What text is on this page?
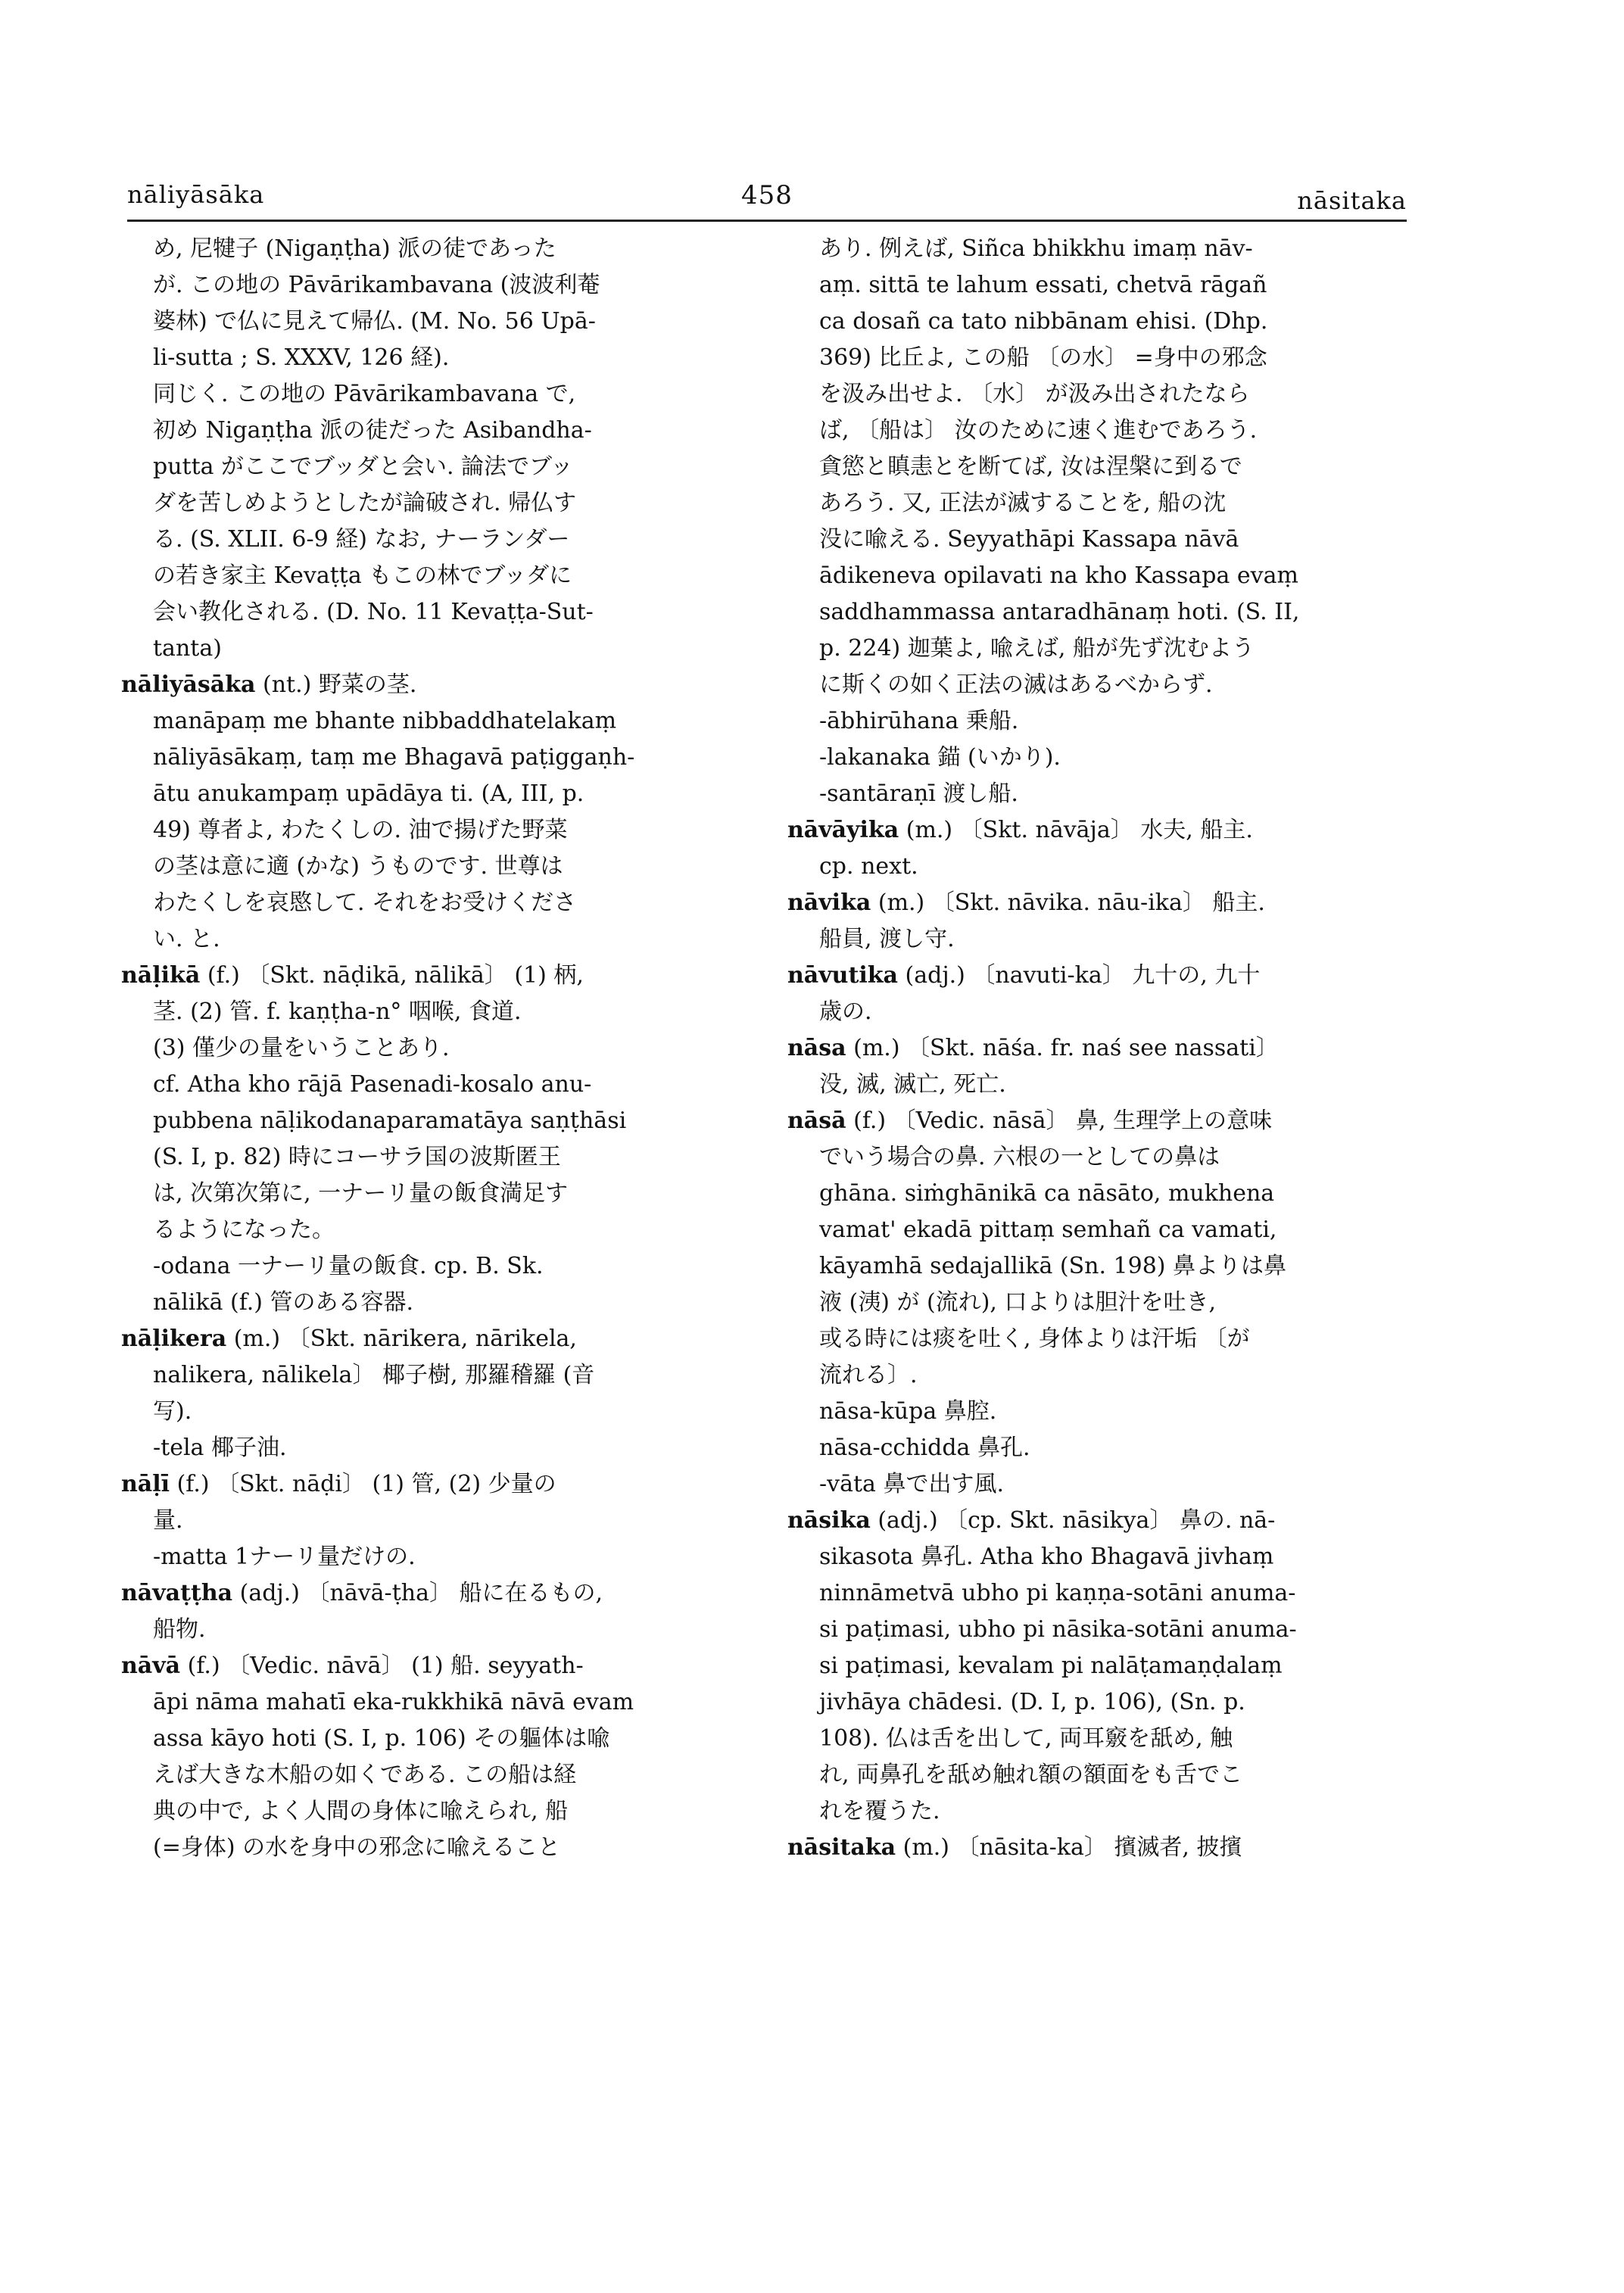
nāliyāsāka	458	nāsitaka

め, 尼犍子 (Nigaṇṭha) 派の徒であった

が. この地の Pāvārikambavana (波波利菴

婆林) で仏に見えて帰仏. (M. No. 56 Upā-

li-sutta ; S. XXXV, 126 経).

同じく. この地の Pāvārikambavana で,

初め Nigaṇṭha 派の徒だった Asibandha-

putta がここでブッダと会い. 論法でブッ

ダを苦しめようとしたが論破され. 帰仏す

る. (S. XLII. 6-9 経) なお, ナーランダー

の若き家主 Kevaṭṭa もこの林でブッダに

会い教化される. (D. No. 11 Kevaṭṭa-Sut-

tanta)

nāliyāsāka (nt.) 野菜の茎.

manāpaṃ me bhante nibbaddhatelakaṃ

nāliyāsākaṃ, taṃ me Bhagavā paṭiggaṇh-

ātu anukampaṃ upādāya ti. (A, III, p.

49) 尊者よ, わたくしの. 油で揚げた野菜

の茎は意に適 (かな) うものです. 世尊は

わたくしを哀愍して. それをお受けくださ

い. と.

nāḷikā (f.) 〔Skt. nāḍikā, nālikā〕 (1) 柄,

茎. (2) 管. f. kaṇṭha-n° 咽喉, 食道.

(3) 僅少の量をいうことあり.

cf. Atha kho rājā Pasenadi-kosalo anu-

pubbena nāḷikodanaparamatāya saṇṭhāsi

(S. I, p. 82) 時にコーサラ国の波斯匿王

は, 次第次第に, 一ナーリ量の飯食満足す

るようになった。

-odana 一ナーリ量の飯食. cp. B. Sk.

nālikā (f.) 管のある容器.

nāḷikera (m.) 〔Skt. nārikera, nārikela,

nalikera, nālikela〕 椰子樹, 那羅稽羅 (音

写).

-tela 椰子油.

nāḷī (f.) 〔Skt. nāḍi〕 (1) 管, (2) 少量の

量.

-matta 1ナーリ量だけの.

nāvaṭṭha (adj.) 〔nāvā-ṭha〕 船に在るもの,

船物.

nāvā (f.) 〔Vedic. nāvā〕 (1) 船. seyyath-

āpi nāma mahatī eka-rukkhikā nāvā evam

assa kāyo hoti (S. I, p. 106) その軀体は喩

えば大きな木船の如くである. この船は経

典の中で, よく人間の身体に喩えられ, 船

(=身体) の水を身中の邪念に喩えること

あり. 例えば, Siñca bhikkhu imaṃ nāv-

aṃ. sittā te lahum essati, chetvā rāgañ

ca dosañ ca tato nibbānam ehisi. (Dhp.

369) 比丘よ, この船 〔の水〕 =身中の邪念

を汲み出せよ. 〔水〕 が汲み出されたなら

ば, 〔船は〕 汝のために速く進むであろう.

貪慾と瞋恚とを断てば, 汝は涅槃に到るで

あろう. 又, 正法が滅することを, 船の沈

没に喩える. Seyyathāpi Kassapa nāvā

ādikeneva opilavati na kho Kassapa evaṃ

saddhammassa antaradhānaṃ hoti. (S. II,

p. 224) 迦葉よ, 喩えば, 船が先ず沈むよう

に斯くの如く正法の滅はあるべからず.

-ābhirūhana 乗船.

-lakanaka 錨 (いかり).

-santāraṇī 渡し船.

nāvāyika (m.) 〔Skt. nāvāja〕 水夫, 船主.

cp. next.

nāvika (m.) 〔Skt. nāvika. nāu-ika〕 船主.

船員, 渡し守.

nāvutika (adj.) 〔navuti-ka〕 九十の, 九十

歳の.

nāsa (m.) 〔Skt. nāśa. fr. naś see nassati〕

没, 滅, 滅亡, 死亡.

nāsā (f.) 〔Vedic. nāsā〕 鼻, 生理学上の意味

でいう場合の鼻. 六根の一としての鼻は

ghāna. siṁghānikā ca nāsāto, mukhena

vamat' ekadā pittaṃ semhañ ca vamati,

kāyamhā sedajallikā (Sn. 198) 鼻よりは鼻

液 (洟) が (流れ), 口よりは胆汁を吐き,

或る時には痰を吐く, 身体よりは汗垢 〔が

流れる〕.

nāsa-kūpa 鼻腔.

nāsa-cchidda 鼻孔.

-vāta 鼻で出す風.

nāsika (adj.) 〔cp. Skt. nāsikya〕 鼻の. nā-

sikasota 鼻孔. Atha kho Bhagavā jivhaṃ

ninnāmetvā ubho pi kaṇṇa-sotāni anuma-

si paṭimasi, ubho pi nāsika-sotāni anuma-

si paṭimasi, kevalam pi nalāṭamaṇḍalaṃ

jivhāya chādesi. (D. I, p. 106), (Sn. p.

108). 仏は舌を出して, 両耳竅を舐め, 触

れ, 両鼻孔を舐め触れ額の額面をも舌でこ

れを覆うた.

nāsitaka (m.) 〔nāsita-ka〕 擯滅者, 披擯
